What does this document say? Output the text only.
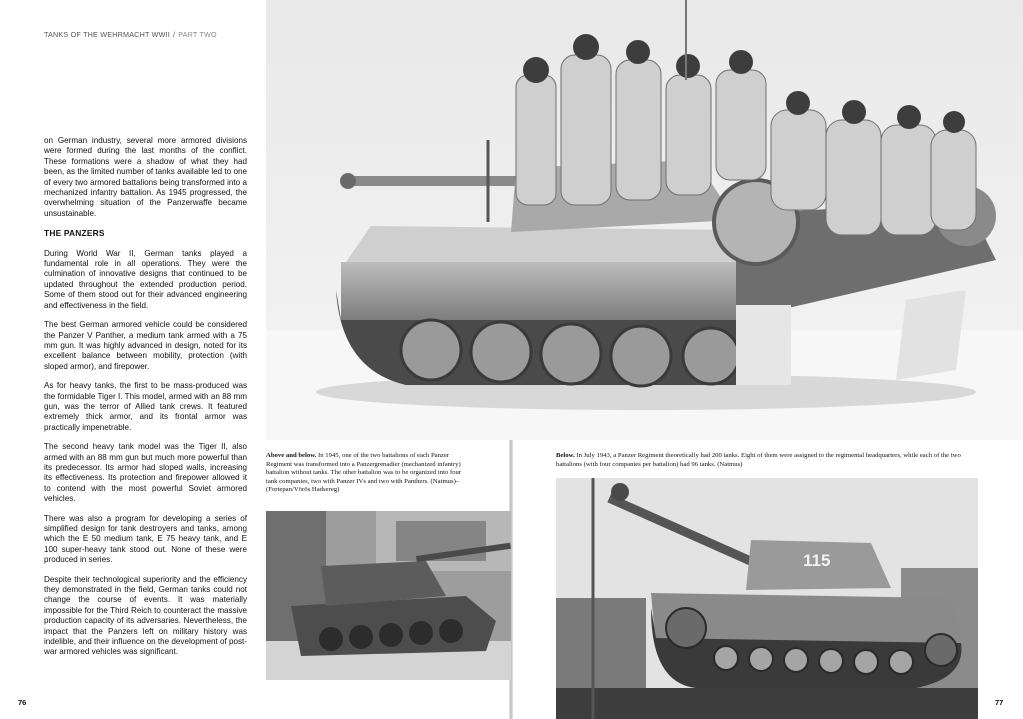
TANKS OF THE WEHRMACHT WWII / PART TWO

on German industry, several more armored divisions were formed during the last months of the conflict. These formations were a shadow of what they had been, as the limited number of tanks available led to one of every two armored battalions being transformed into a mechanized infantry battalion. As 1945 progressed, the overwhelming situation of the Panzerwaffe became unsustainable.

THE PANZERS

During World War II, German tanks played a fundamental role in all operations. They were the culmination of innovative designs that continued to be updated throughout the extended production period. Some of them stood out for their advanced engineering and effectiveness in the field.

The best German armored vehicle could be considered the Panzer V Panther, a medium tank armed with a 75 mm gun. It was highly advanced in design, noted for its excellent balance between mobility, protection (with sloped armor), and firepower.

As for heavy tanks, the first to be mass-produced was the formidable Tiger I. This model, armed with an 88 mm gun, was the terror of Allied tank crews. It featured extremely thick armor, and its frontal armor was practically impenetrable.

The second heavy tank model was the Tiger II, also armed with an 88 mm gun but much more powerful than its predecessor. Its armor had sloped walls, increasing its effectiveness. Its protection and firepower allowed it to contend with the most powerful Soviet armored vehicles.

There was also a program for developing a series of simplified design for tank destroyers and tanks, among which the E 50 medium tank, E 75 heavy tank, and E 100 super-heavy tank stood out. None of these were produced in series.

Despite their technological superiority and the efficiency they demonstrated in the field, German tanks could not change the course of events. It was materially impossible for the Third Reich to counteract the massive production capacity of its adversaries. Nevertheless, the impact that the Panzers left on military history was indelible, and their influence on the development of post-war armored vehicles was significant.

76	77
115
Above and below. In 1945, one of the two battalions of each Panzer Regiment was transformed into a Panzergrenadier (mechanized infantry) battalion without tanks. The other battalion was to be organized into four tank companies, two with Panzer IVs and two with Panthers. (Natmus)–(Fortepan/Vörös Hadsereg)
Below. In July 1943, a Panzer Regiment theoretically had 200 tanks. Eight of them were assigned to the regimental headquarters, while each of the two battalions (with four companies per battalion) had 96 tanks. (Natmus)
